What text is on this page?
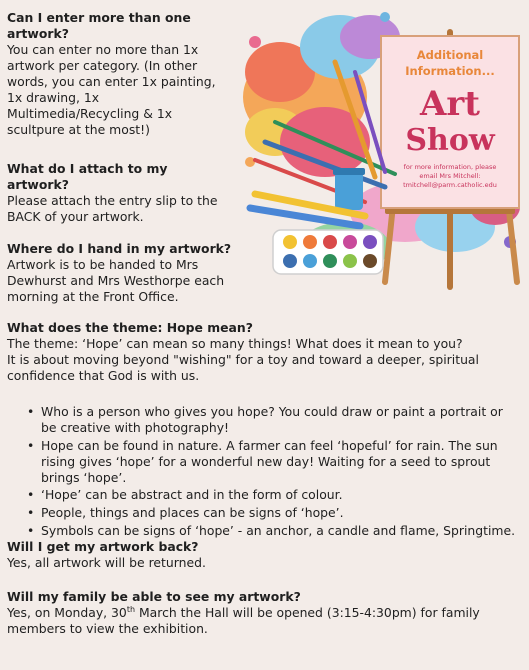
Can I enter more than one artwork?

You can enter no more than 1x artwork per category. (In other words, you can enter 1x painting, 1x drawing, 1x Multimedia/Recycling & 1x scultpure at the most!)

What do I attach to my artwork?

Please attach the entry slip to the BACK of your artwork.

Where do I hand in my artwork?

Artwork is to be handed to Mrs Dewhurst and Mrs Westhorpe each morning at the Front Office.

What does the theme: Hope mean?

The theme: ‘Hope’ can mean so many things! What does it mean to you?

It is about moving beyond "wishing" for a toy and toward a deeper, spiritual confidence that God is with us.

• Who is a person who gives you hope? You could draw or paint a portrait or be creative with photography!
• Hope can be found in nature. A farmer can feel ‘hopeful’ for rain. The sun rising gives ‘hope’ for a wonderful new day! Waiting for a seed to sprout brings ‘hope’.
• ‘Hope’ can be abstract and in the form of colour.
• People, things and places can be signs of ‘hope’.
• Symbols can be signs of ‘hope’ - an anchor, a candle and flame, Springtime.

Will I get my artwork back?

Yes, all artwork will be returned.

Will my family be able to see my artwork?

Yes, on Monday, 30th March the Hall will be opened (3:15-4:30pm) for family members to view the exhibition.

Additional
Information...
Art
Show
for more information, please
email Mrs Mitchell:
tmitchell@parm.catholic.edu
